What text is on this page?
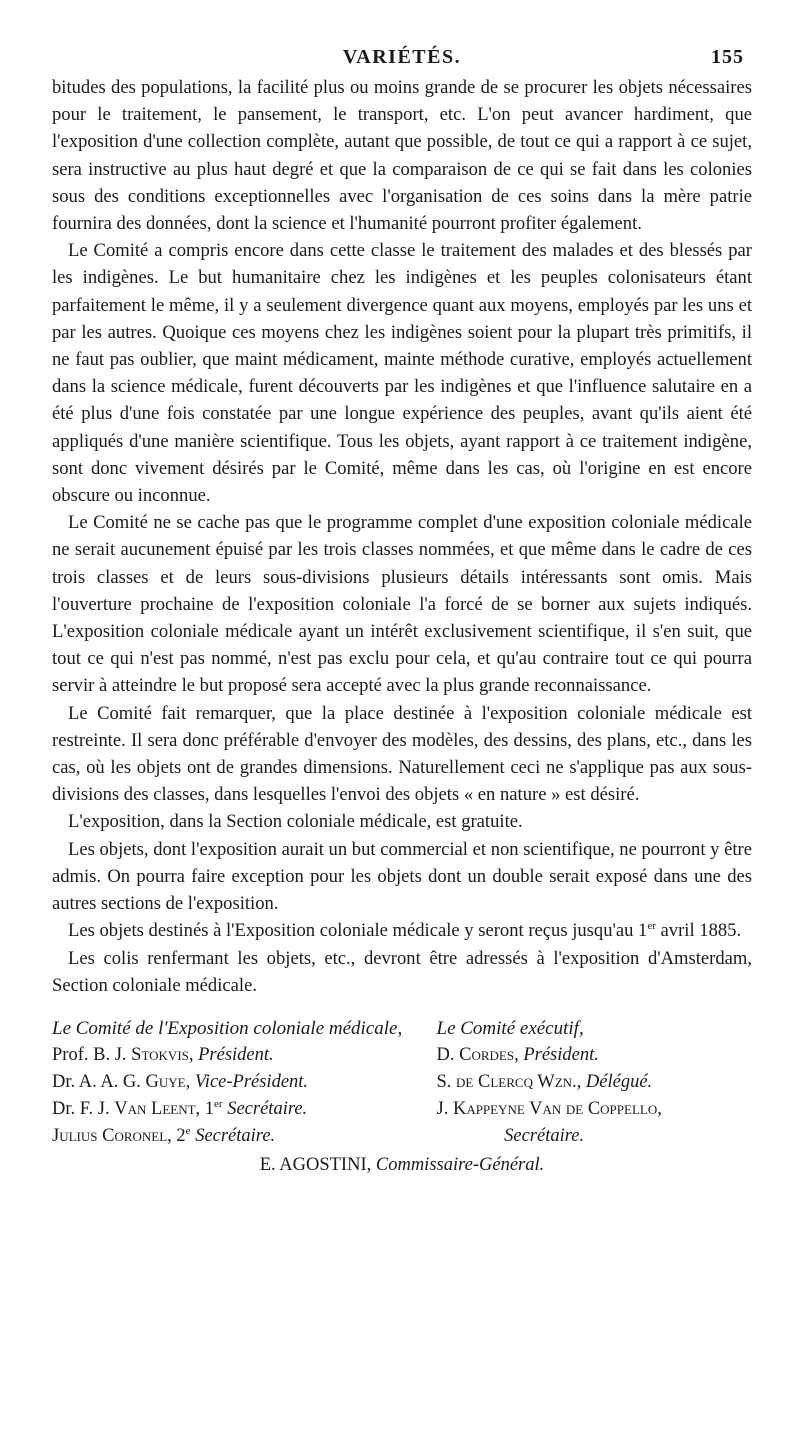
VARIÉTÉS.	155

bitudes des populations, la facilité plus ou moins grande de se procurer les objets nécessaires pour le traitement, le pansement, le transport, etc. L'on peut avancer hardiment, que l'exposition d'une collection complète, autant que possible, de tout ce qui a rapport à ce sujet, sera instructive au plus haut degré et que la comparaison de ce qui se fait dans les colonies sous des conditions exceptionnelles avec l'organisation de ces soins dans la mère patrie fournira des données, dont la science et l'humanité pourront profiter également.

Le Comité a compris encore dans cette classe le traitement des malades et des blessés par les indigènes. Le but humanitaire chez les indigènes et les peuples colonisateurs étant parfaitement le même, il y a seulement divergence quant aux moyens, employés par les uns et par les autres. Quoique ces moyens chez les indigènes soient pour la plupart très primitifs, il ne faut pas oublier, que maint médicament, mainte méthode curative, employés actuellement dans la science médicale, furent découverts par les indigènes et que l'influence salutaire en a été plus d'une fois constatée par une longue expérience des peuples, avant qu'ils aient été appliqués d'une manière scientifique. Tous les objets, ayant rapport à ce traitement indigène, sont donc vivement désirés par le Comité, même dans les cas, où l'origine en est encore obscure ou inconnue.

Le Comité ne se cache pas que le programme complet d'une exposition coloniale médicale ne serait aucunement épuisé par les trois classes nommées, et que même dans le cadre de ces trois classes et de leurs sous-divisions plusieurs détails intéressants sont omis. Mais l'ouverture prochaine de l'exposition coloniale l'a forcé de se borner aux sujets indiqués. L'exposition coloniale médicale ayant un intérêt exclusivement scientifique, il s'en suit, que tout ce qui n'est pas nommé, n'est pas exclu pour cela, et qu'au contraire tout ce qui pourra servir à atteindre le but proposé sera accepté avec la plus grande reconnaissance.

Le Comité fait remarquer, que la place destinée à l'exposition coloniale médicale est restreinte. Il sera donc préférable d'envoyer des modèles, des dessins, des plans, etc., dans les cas, où les objets ont de grandes dimensions. Naturellement ceci ne s'applique pas aux sous-divisions des classes, dans lesquelles l'envoi des objets « en nature » est désiré.

L'exposition, dans la Section coloniale médicale, est gratuite.

Les objets, dont l'exposition aurait un but commercial et non scientifique, ne pourront y être admis. On pourra faire exception pour les objets dont un double serait exposé dans une des autres sections de l'exposition.

Les objets destinés à l'Exposition coloniale médicale y seront reçus jusqu'au 1er avril 1885.

Les colis renfermant les objets, etc., devront être adressés à l'exposition d'Amsterdam, Section coloniale médicale.

Le Comité de l'Exposition coloniale médicale,	Le Comité exécutif,
Prof. B. J. Stokvis, Président.	D. Cordes, Président.
Dr. A. A. G. Guye, Vice-Président.	S. de Clercq Wzn., Délégué.
Dr. F. J. Van Leent, 1er Secrétaire.	J. Kappeyne Van de Coppello,
Julius Coronel, 2e Secrétaire.	Secrétaire.
E. AGOSTINI, Commissaire-Général.
